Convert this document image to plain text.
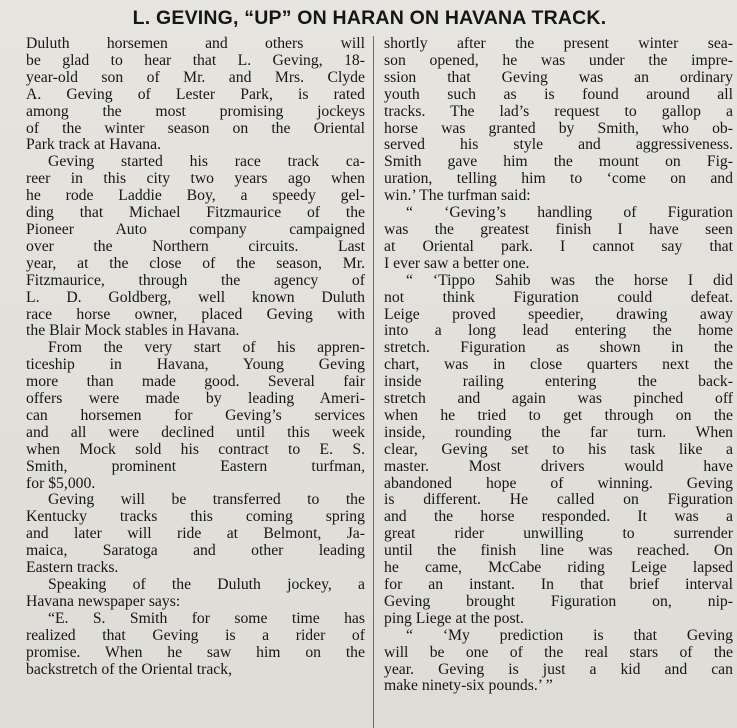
L. GEVING, “UP” ON HARAN ON HAVANA TRACK.

Duluth horsemen and others will
be glad to hear that L. Geving, 18-
year-old son of Mr. and Mrs. Clyde
A. Geving of Lester Park, is rated
among the most promising jockeys
of the winter season on the Oriental
Park track at Havana.

Geving started his race track ca-
reer in this city two years ago when
he rode Laddie Boy, a speedy gel-
ding that Michael Fitzmaurice of the
Pioneer Auto company campaigned
over the Northern circuits. Last
year, at the close of the season, Mr.
Fitzmaurice, through the agency of
L. D. Goldberg, well known Duluth
race horse owner, placed Geving with
the Blair Mock stables in Havana.

From the very start of his appren-
ticeship in Havana, Young Geving
more than made good. Several fair
offers were made by leading Ameri-
can horsemen for Geving’s services
and all were declined until this week
when Mock sold his contract to E. S.
Smith, prominent Eastern turfman,
for $5,000.

Geving will be transferred to the
Kentucky tracks this coming spring
and later will ride at Belmont, Ja-
maica, Saratoga and other leading
Eastern tracks.

Speaking of the Duluth jockey, a
Havana newspaper says:

“E. S. Smith for some time has
realized that Geving is a rider of
promise. When he saw him on the
backstretch of the Oriental track,

shortly after the present winter sea-
son opened, he was under the impre-
ssion that Geving was an ordinary
youth such as is found around all
tracks. The lad’s request to gallop a
horse was granted by Smith, who ob-
served his style and aggressiveness.
Smith gave him the mount on Fig-
uration, telling him to ‘come on and
win.’ The turfman said:

“ ‘Geving’s handling of Figuration
was the greatest finish I have seen
at Oriental park. I cannot say that
I ever saw a better one.

“ ‘Tippo Sahib was the horse I did
not think Figuration could defeat.
Leige proved speedier, drawing away
into a long lead entering the home
stretch. Figuration as shown in the
chart, was in close quarters next the
inside railing entering the back-
stretch and again was pinched off
when he tried to get through on the
inside, rounding the far turn. When
clear, Geving set to his task like a
master. Most drivers would have
abandoned hope of winning. Geving
is different. He called on Figuration
and the horse responded. It was a
great rider unwilling to surrender
until the finish line was reached. On
he came, McCabe riding Leige lapsed
for an instant. In that brief interval
Geving brought Figuration on, nip-
ping Liege at the post.

“ ‘My prediction is that Geving
will be one of the real stars of the
year. Geving is just a kid and can
make ninety-six pounds.’ ”
